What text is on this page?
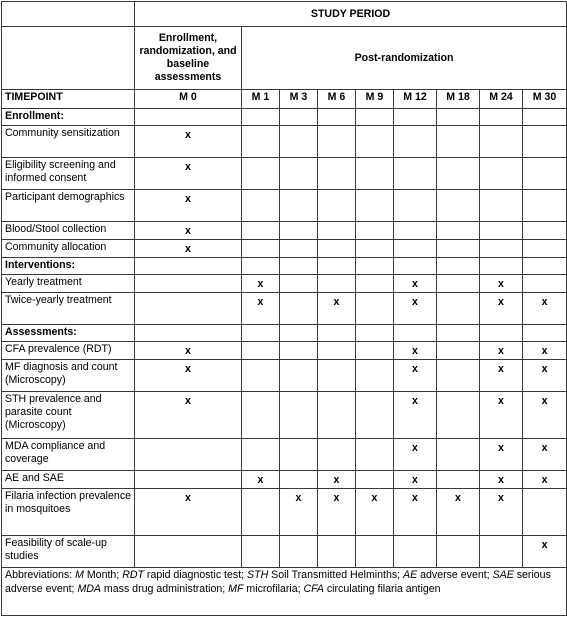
	STUDY PERIOD								
	Enrollment, randomization, and baseline assessments	Post-randomization							
TIMEPOINT	M 0	M 1	M 3	M 6	M 9	M 12	M 18	M 24	M 30
Enrollment:									
Community sensitization	x								
Eligibility screening and informed consent	x								
Participant demographics	x								
Blood/Stool collection	x								
Community allocation	x								
Interventions:									
Yearly treatment		x				x		x	
Twice-yearly treatment		x		x		x		x	x
Assessments:									
CFA prevalence (RDT)	x					x		x	x
MF diagnosis and count (Microscopy)	x					x		x	x
STH prevalence and parasite count (Microscopy)	x					x		x	x
MDA compliance and coverage						x		x	x
AE and SAE		x		x		x		x	x
Filaria infection prevalence in mosquitoes	x		x	x	x	x	x	x	
Feasibility of scale-up studies									x
Abbreviations: M Month; RDT rapid diagnostic test; STH Soil Transmitted Helminths; AE adverse event; SAE serious adverse event; MDA mass drug administration; MF microfilaria; CFA circulating filaria antigen									
